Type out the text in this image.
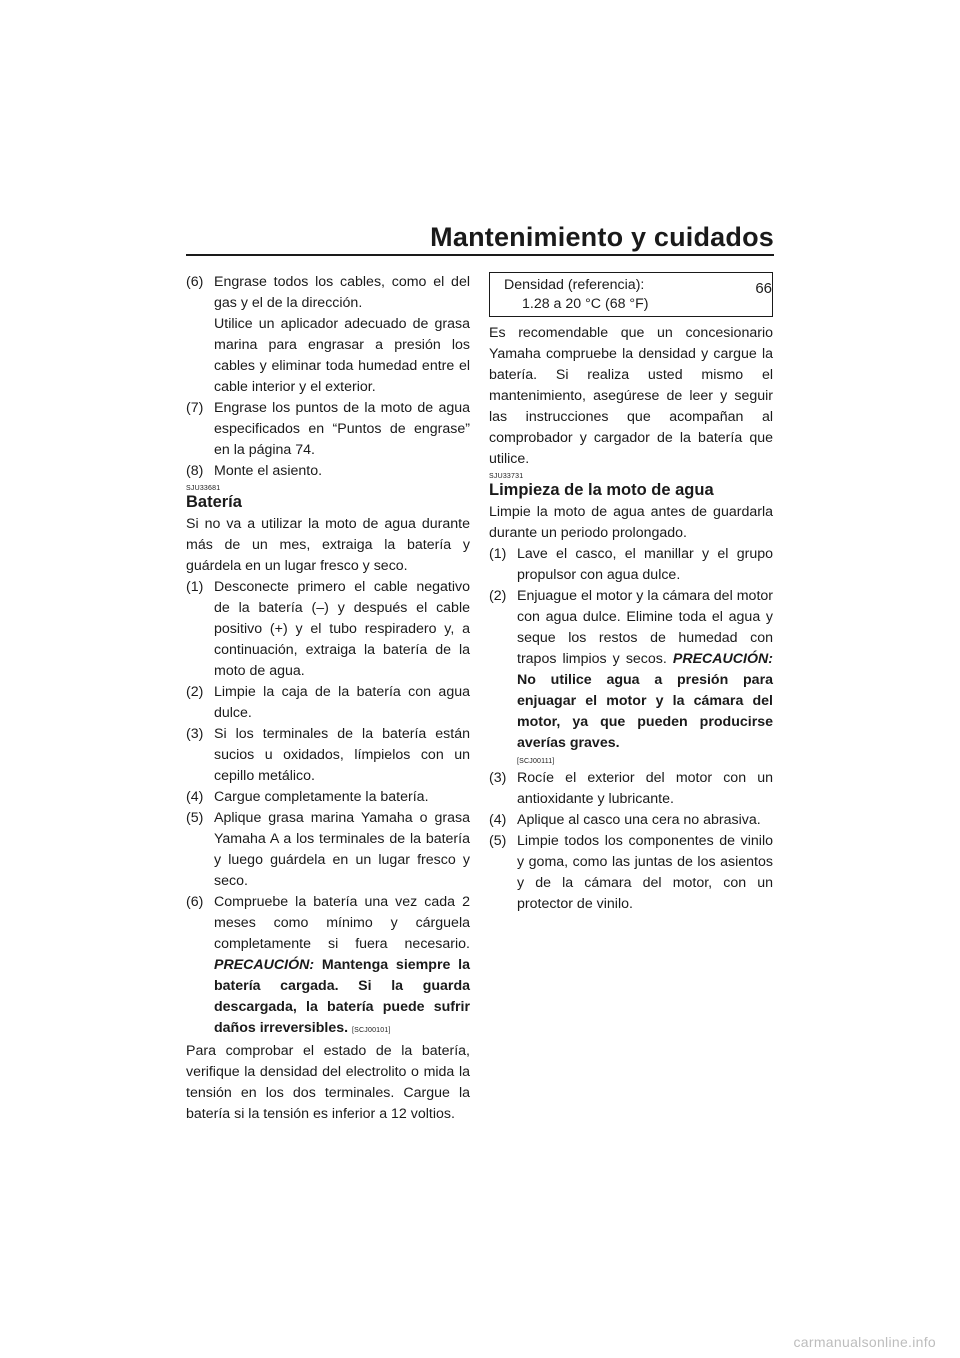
Mantenimiento y cuidados
66
(6) Engrase todos los cables, como el del gas y el de la dirección.
Utilice un aplicador adecuado de grasa marina para engrasar a presión los cables y eliminar toda humedad entre el cable interior y el exterior.
(7) Engrase los puntos de la moto de agua especificados en “Puntos de engrase” en la página 74.
(8) Monte el asiento.
SJU33681
Batería

Si no va a utilizar la moto de agua durante más de un mes, extraiga la batería y guárdela en un lugar fresco y seco.

(1) Desconecte primero el cable negativo de la batería (–) y después el cable positivo (+) y el tubo respiradero y, a continuación, extraiga la batería de la moto de agua.
(2) Limpie la caja de la batería con agua dulce.
(3) Si los terminales de la batería están sucios u oxidados, límpielos con un cepillo metálico.
(4) Cargue completamente la batería.
(5) Aplique grasa marina Yamaha o grasa Yamaha A a los terminales de la batería y luego guárdela en un lugar fresco y seco.
(6) Compruebe la batería una vez cada 2 meses como mínimo y cárguela completamente si fuera necesario. PRECAUCIÓN: Mantenga siempre la batería cargada. Si la guarda descargada, la batería puede sufrir daños irreversibles. [SCJ00101]

Para comprobar el estado de la batería, verifique la densidad del electrolito o mida la tensión en los dos terminales. Cargue la batería si la tensión es inferior a 12 voltios.

Densidad (referencia):
1.28 a 20 °C (68 °F)

Es recomendable que un concesionario Yamaha compruebe la densidad y cargue la batería. Si realiza usted mismo el mantenimiento, asegúrese de leer y seguir las instrucciones que acompañan al comprobador y cargador de la batería que utilice.

SJU33731
Limpieza de la moto de agua

Limpie la moto de agua antes de guardarla durante un periodo prolongado.

(1) Lave el casco, el manillar y el grupo propulsor con agua dulce.
(2) Enjuague el motor y la cámara del motor con agua dulce. Elimine toda el agua y seque los restos de humedad con trapos limpios y secos. PRECAUCIÓN: No utilice agua a presión para enjuagar el motor y la cámara del motor, ya que pueden producirse averías graves.
[SCJ00111]
(3) Rocíe el exterior del motor con un antioxidante y lubricante.
(4) Aplique al casco una cera no abrasiva.
(5) Limpie todos los componentes de vinilo y goma, como las juntas de los asientos y de la cámara del motor, con un protector de vinilo.
carmanualsonline.info
